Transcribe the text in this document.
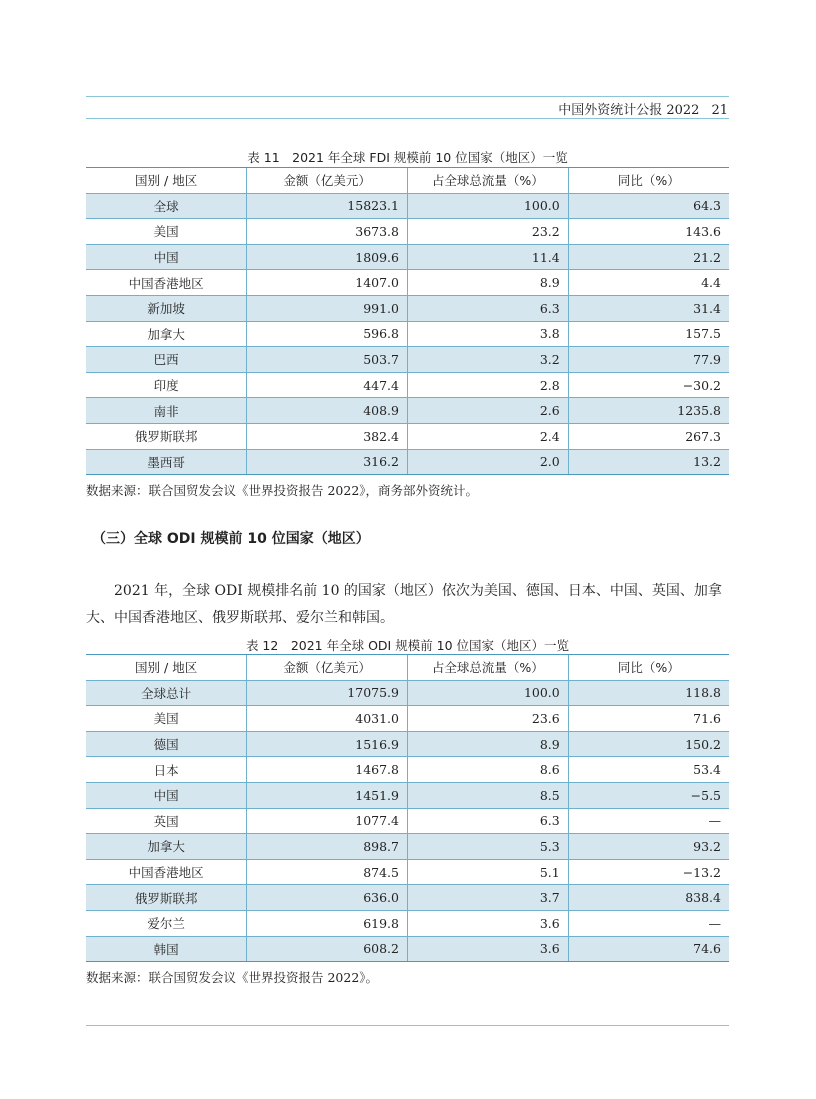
中国外资统计公报 2022 21
表 11　2021 年全球 FDI 规模前 10 位国家（地区）一览
国别 / 地区	金额（亿美元）	占全球总流量（%）	同比（%）
全球	15823.1	100.0	64.3
美国	3673.8	23.2	143.6
中国	1809.6	11.4	21.2
中国香港地区	1407.0	8.9	4.4
新加坡	991.0	6.3	31.4
加拿大	596.8	3.8	157.5
巴西	503.7	3.2	77.9
印度	447.4	2.8	−30.2
南非	408.9	2.6	1235.8
俄罗斯联邦	382.4	2.4	267.3
墨西哥	316.2	2.0	13.2
数据来源：联合国贸发会议《世界投资报告 2022》，商务部外资统计。
（三）全球 ODI 规模前 10 位国家（地区）
2021 年，全球 ODI 规模排名前 10 的国家（地区）依次为美国、德国、日本、中国、英国、加拿大、中国香港地区、俄罗斯联邦、爱尔兰和韩国。
表 12　2021 年全球 ODI 规模前 10 位国家（地区）一览
国别 / 地区	金额（亿美元）	占全球总流量（%）	同比（%）
全球总计	17075.9	100.0	118.8
美国	4031.0	23.6	71.6
德国	1516.9	8.9	150.2
日本	1467.8	8.6	53.4
中国	1451.9	8.5	−5.5
英国	1077.4	6.3	—
加拿大	898.7	5.3	93.2
中国香港地区	874.5	5.1	−13.2
俄罗斯联邦	636.0	3.7	838.4
爱尔兰	619.8	3.6	—
韩国	608.2	3.6	74.6
数据来源：联合国贸发会议《世界投资报告 2022》。
